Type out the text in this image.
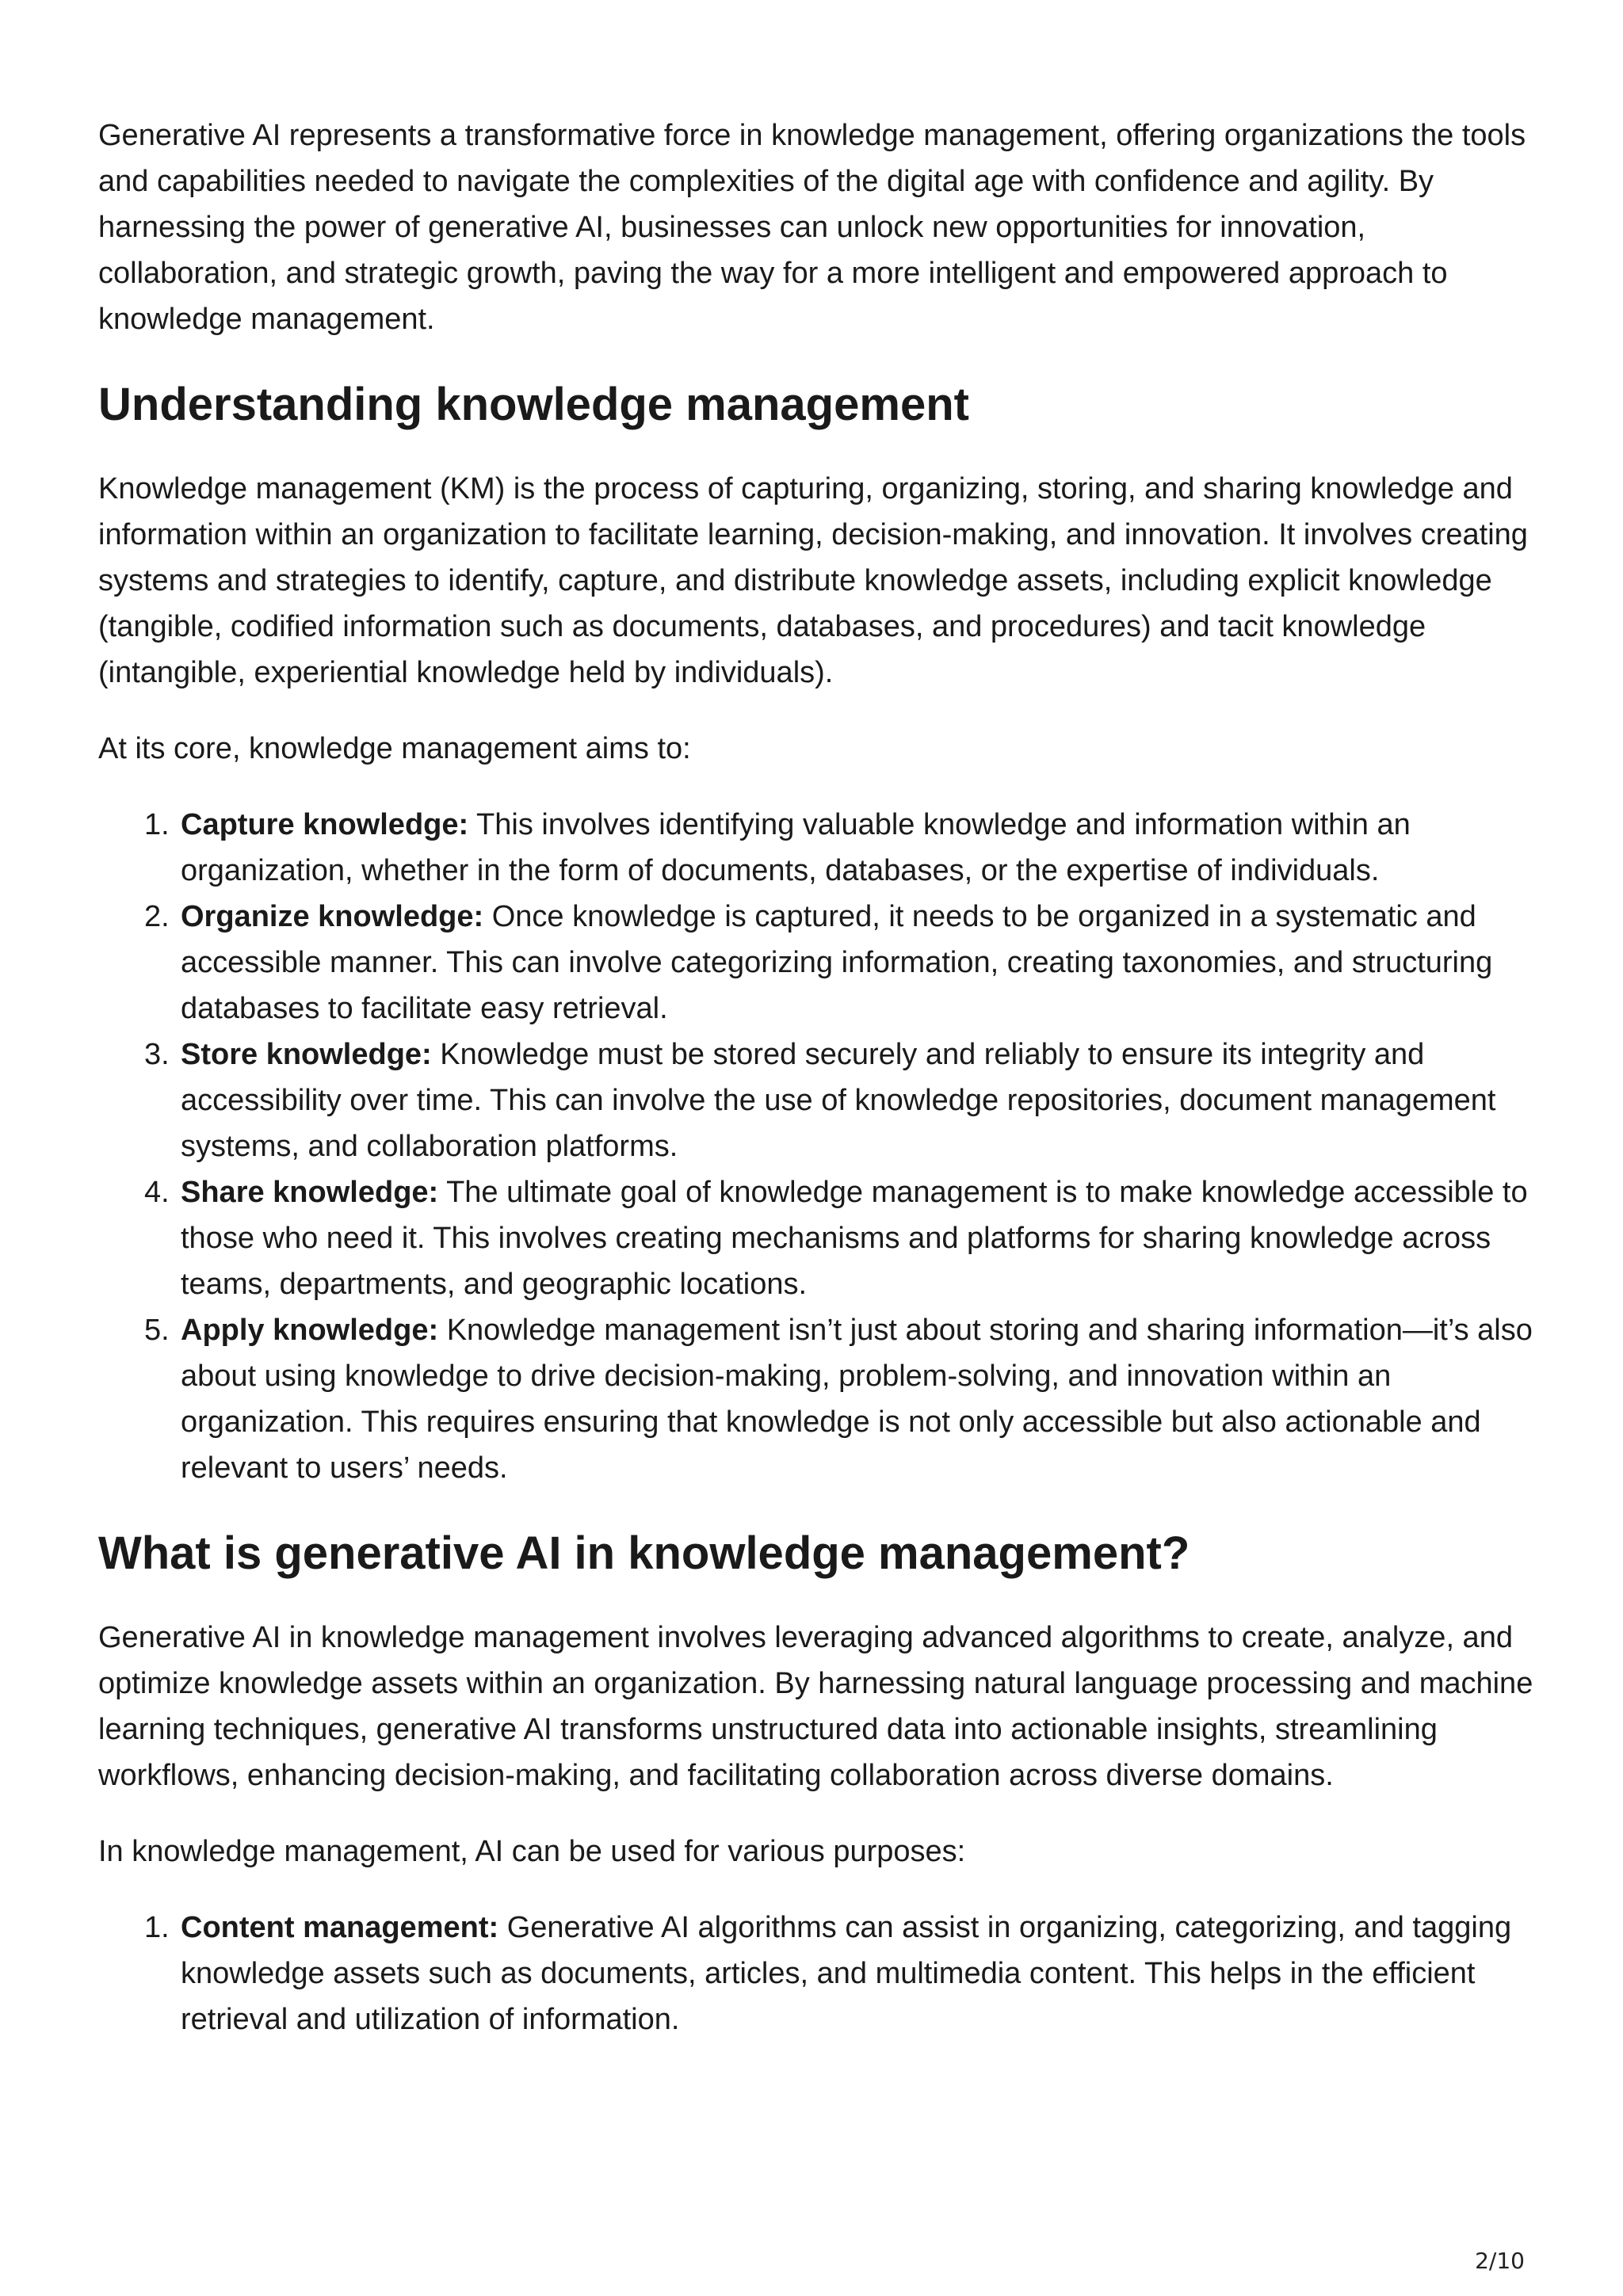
Generative AI represents a transformative force in knowledge management, offering organizations the tools and capabilities needed to navigate the complexities of the digital age with confidence and agility. By harnessing the power of generative AI, businesses can unlock new opportunities for innovation, collaboration, and strategic growth, paving the way for a more intelligent and empowered approach to knowledge management.

Understanding knowledge management

Knowledge management (KM) is the process of capturing, organizing, storing, and sharing knowledge and information within an organization to facilitate learning, decision-making, and innovation. It involves creating systems and strategies to identify, capture, and distribute knowledge assets, including explicit knowledge (tangible, codified information such as documents, databases, and procedures) and tacit knowledge (intangible, experiential knowledge held by individuals).

At its core, knowledge management aims to:

1. Capture knowledge: This involves identifying valuable knowledge and information within an organization, whether in the form of documents, databases, or the expertise of individuals.
2. Organize knowledge: Once knowledge is captured, it needs to be organized in a systematic and accessible manner. This can involve categorizing information, creating taxonomies, and structuring databases to facilitate easy retrieval.
3. Store knowledge: Knowledge must be stored securely and reliably to ensure its integrity and accessibility over time. This can involve the use of knowledge repositories, document management systems, and collaboration platforms.
4. Share knowledge: The ultimate goal of knowledge management is to make knowledge accessible to those who need it. This involves creating mechanisms and platforms for sharing knowledge across teams, departments, and geographic locations.
5. Apply knowledge: Knowledge management isn’t just about storing and sharing information—it’s also about using knowledge to drive decision-making, problem-solving, and innovation within an organization. This requires ensuring that knowledge is not only accessible but also actionable and relevant to users’ needs.
What is generative AI in knowledge management?

Generative AI in knowledge management involves leveraging advanced algorithms to create, analyze, and optimize knowledge assets within an organization. By harnessing natural language processing and machine learning techniques, generative AI transforms unstructured data into actionable insights, streamlining workflows, enhancing decision-making, and facilitating collaboration across diverse domains.

In knowledge management, AI can be used for various purposes:

1. Content management: Generative AI algorithms can assist in organizing, categorizing, and tagging knowledge assets such as documents, articles, and multimedia content. This helps in the efficient retrieval and utilization of information.
2/10
